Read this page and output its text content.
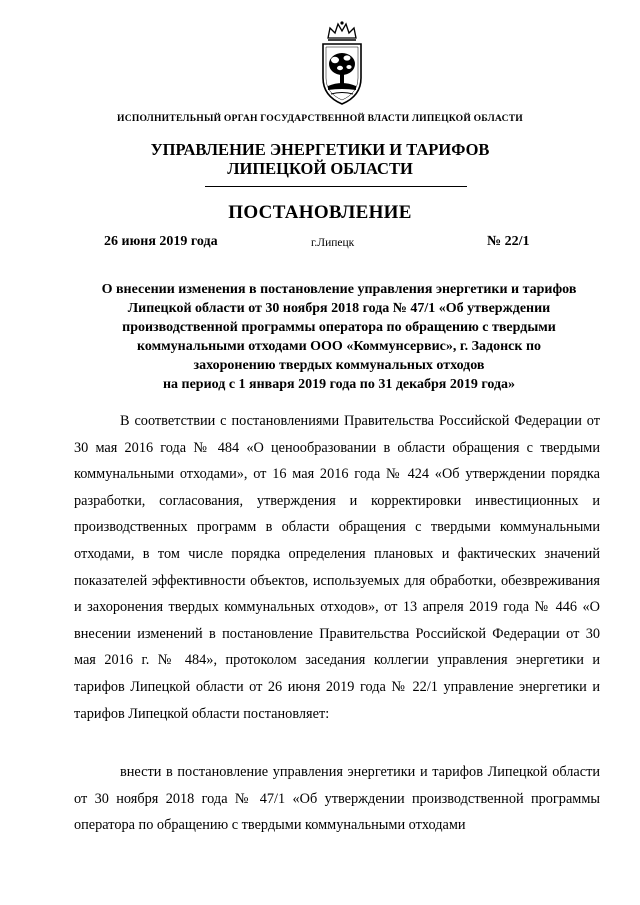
ИСПОЛНИТЕЛЬНЫЙ ОРГАН ГОСУДАРСТВЕННОЙ ВЛАСТИ ЛИПЕЦКОЙ ОБЛАСТИ
УПРАВЛЕНИЕ ЭНЕРГЕТИКИ И ТАРИФОВ
ЛИПЕЦКОЙ ОБЛАСТИ
ПОСТАНОВЛЕНИЕ
26 июня 2019 года	г.Липецк	№ 22/1
О внесении изменения в постановление управления энергетики и тарифов
Липецкой области от 30 ноября 2018 года № 47/1 «Об утверждении
производственной программы оператора по обращению с твердыми
коммунальными отходами ООО «Коммунсервис», г. Задонск по
захоронению твердых коммунальных отходов
на период с 1 января 2019 года по 31 декабря 2019 года»
В соответствии с постановлениями Правительства Российской Федерации от 30 мая 2016 года № 484 «О ценообразовании в области обращения с твердыми коммунальными отходами», от 16 мая 2016 года № 424 «Об утверждении порядка разработки, согласования, утверждения и корректировки инвестиционных и производственных программ в области обращения с твердыми коммунальными отходами, в том числе порядка определения плановых и фактических значений показателей эффективности объектов, используемых для обработки, обезвреживания и захоронения твердых коммунальных отходов», от 13 апреля 2019 года № 446 «О внесении изменений в постановление Правительства Российской Федерации от 30 мая 2016 г. № 484», протоколом заседания коллегии управления энергетики и тарифов Липецкой области от 26 июня 2019 года № 22/1 управление энергетики и тарифов Липецкой области постановляет:
внести в постановление управления энергетики и тарифов Липецкой области от 30 ноября 2018 года № 47/1 «Об утверждении производственной программы оператора по обращению с твердыми коммунальными отходами
